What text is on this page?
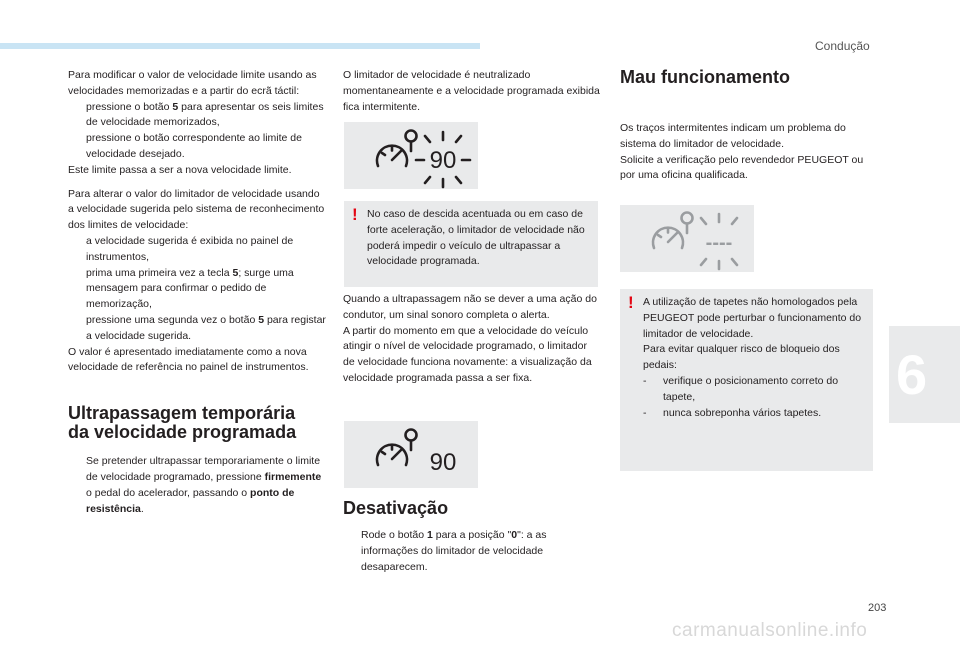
Condução
6

Para modificar o valor de velocidade limite usando as velocidades memorizadas e a partir do ecrã táctil:

pressione o botão 5 para apresentar os seis limites de velocidade memorizados,
pressione o botão correspondente ao limite de velocidade desejado.
Este limite passa a ser a nova velocidade limite.

Para alterar o valor do limitador de velocidade usando a velocidade sugerida pelo sistema de reconhecimento dos limites de velocidade:

a velocidade sugerida é exibida no painel de instrumentos,
prima uma primeira vez a tecla 5; surge uma mensagem para confirmar o pedido de memorização,
pressione uma segunda vez o botão 5 para registar a velocidade sugerida.
O valor é apresentado imediatamente como a nova velocidade de referência no painel de instrumentos.

Ultrapassagem temporária
da velocidade programada

Se pretender ultrapassar temporariamente o limite de velocidade programado, pressione firmemente o pedal do acelerador, passando o ponto de resistência.

O limitador de velocidade é neutralizado momentaneamente e a velocidade programada exibida fica intermitente.

90
! No caso de descida acentuada ou em caso de forte aceleração, o limitador de velocidade não poderá impedir o veículo de ultrapassar a velocidade programada.

Quando a ultrapassagem não se dever a uma ação do condutor, um sinal sonoro completa o alerta.

A partir do momento em que a velocidade do veículo atingir o nível de velocidade programado, o limitador de velocidade funciona novamente: a visualização da velocidade programada passa a ser fixa.

90
Desativação
Rode o botão 1 para a posição "0": a as informações do limitador de velocidade desaparecem.
Mau funcionamento

Os traços intermitentes indicam um problema do sistema do limitador de velocidade.

Solicite a verificação pelo revendedor PEUGEOT ou por uma oficina qualificada.

----
! A utilização de tapetes não homologados pela PEUGEOT pode perturbar o funcionamento do limitador de velocidade.
Para evitar qualquer risco de bloqueio dos pedais:

- verifique o posicionamento correto do tapete,
- nunca sobreponha vários tapetes.
203
carmanualsonline.info
